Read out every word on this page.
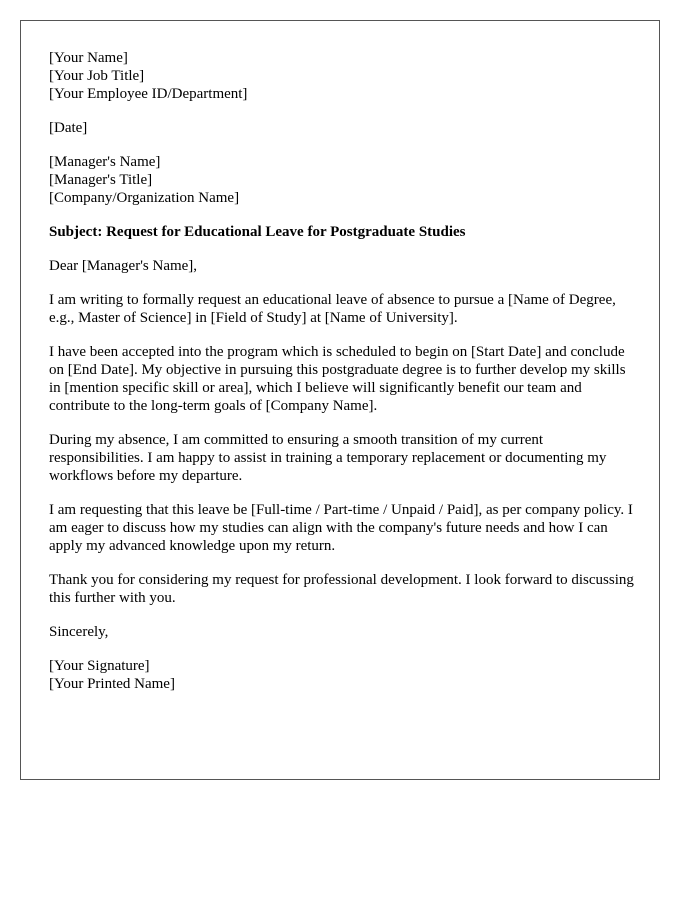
[Your Name]
[Your Job Title]
[Your Employee ID/Department]
[Date]
[Manager's Name]
[Manager's Title]
[Company/Organization Name]
Subject: Request for Educational Leave for Postgraduate Studies
Dear [Manager's Name],

I am writing to formally request an educational leave of absence to pursue a [Name of Degree, e.g., Master of Science] in [Field of Study] at [Name of University].

I have been accepted into the program which is scheduled to begin on [Start Date] and conclude on [End Date]. My objective in pursuing this postgraduate degree is to further develop my skills in [mention specific skill or area], which I believe will significantly benefit our team and contribute to the long-term goals of [Company Name].

During my absence, I am committed to ensuring a smooth transition of my current responsibilities. I am happy to assist in training a temporary replacement or documenting my workflows before my departure.

I am requesting that this leave be [Full-time / Part-time / Unpaid / Paid], as per company policy. I am eager to discuss how my studies can align with the company's future needs and how I can apply my advanced knowledge upon my return.

Thank you for considering my request for professional development. I look forward to discussing this further with you.

Sincerely,
[Your Signature]
[Your Printed Name]
